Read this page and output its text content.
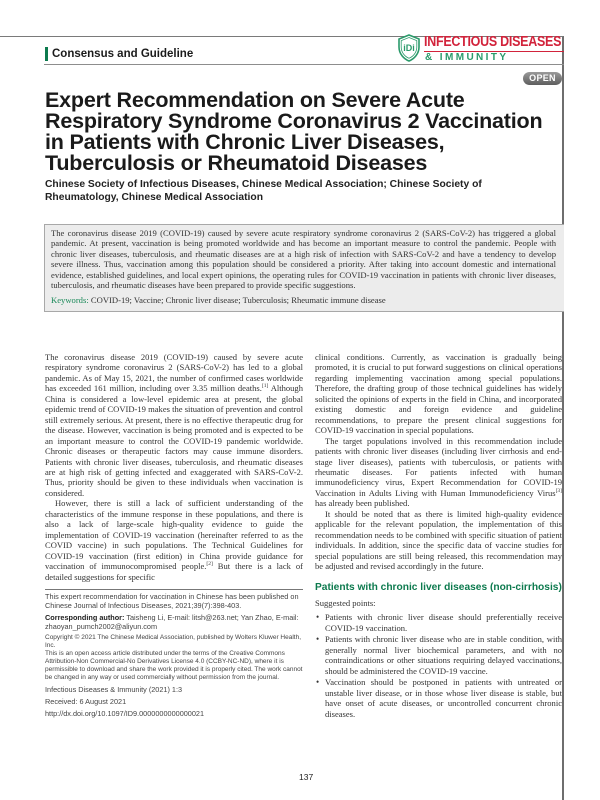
Consensus and Guideline	iDi INFECTIOUS DISEASES
& IMMUNITY
OPEN
Expert Recommendation on Severe Acute Respiratory Syndrome Coronavirus 2 Vaccination in Patients with Chronic Liver Diseases, Tuberculosis or Rheumatoid Diseases
Chinese Society of Infectious Diseases, Chinese Medical Association; Chinese Society of Rheumatology, Chinese Medical Association

The coronavirus disease 2019 (COVID-19) caused by severe acute respiratory syndrome coronavirus 2 (SARS-CoV-2) has triggered a global pandemic. At present, vaccination is being promoted worldwide and has become an important measure to control the pandemic. People with chronic liver diseases, tuberculosis, and rheumatic diseases are at a high risk of infection with SARS-CoV-2 and have a tendency to develop severe illness. Thus, vaccination among this population should be considered a priority. After taking into account domestic and international evidence, established guidelines, and local expert opinions, the operating rules for COVID-19 vaccination in patients with chronic liver diseases, tuberculosis, and rheumatic diseases have been prepared to provide specific suggestions.

Keywords: COVID-19; Vaccine; Chronic liver disease; Tuberculosis; Rheumatic immune disease

The coronavirus disease 2019 (COVID-19) caused by severe acute respiratory syndrome coronavirus 2 (SARS-CoV-2) has led to a global pandemic. As of May 15, 2021, the number of confirmed cases worldwide has exceeded 161 million, including over 3.35 million deaths.[1] Although China is considered a low-level epidemic area at present, the global epidemic trend of COVID-19 makes the situation of prevention and control still extremely serious. At present, there is no effective therapeutic drug for the disease. However, vaccination is being promoted and is expected to be an important measure to control the COVID-19 pandemic worldwide. Chronic diseases or therapeutic factors may cause immune disorders. Patients with chronic liver diseases, tuberculosis, and rheumatic diseases are at high risk of getting infected and exaggerated with SARS-CoV-2. Thus, priority should be given to these individuals when vaccination is considered.

However, there is still a lack of sufficient understanding of the characteristics of the immune response in these populations, and there is also a lack of large-scale high-quality evidence to guide the implementation of COVID-19 vaccination (hereinafter referred to as the COVID vaccine) in such populations. The Technical Guidelines for COVID-19 vaccination (first edition) in China provide guidance for vaccination of immunocompromised people.[2] But there is a lack of detailed suggestions for specific

This expert recommendation for vaccination in Chinese has been published on Chinese Journal of Infectious Diseases, 2021;39(7):398-403.
Corresponding author: Taisheng Li, E-mail: litsh@263.net; Yan Zhao, E-mail: zhaoyan_pumch2002@aliyun.com
Copyright © 2021 The Chinese Medical Association, published by Wolters Kluwer Health, Inc.
This is an open access article distributed under the terms of the Creative Commons Attribution-Non Commercial-No Derivatives License 4.0 (CCBY-NC-ND), where it is permissible to download and share the work provided it is properly cited. The work cannot be changed in any way or used commercially without permission from the journal.
Infectious Diseases & Immunity (2021) 1:3
Received: 6 August 2021
http://dx.doi.org/10.1097/ID9.0000000000000021

clinical conditions. Currently, as vaccination is gradually being promoted, it is crucial to put forward suggestions on clinical operations regarding implementing vaccination among special populations. Therefore, the drafting group of those technical guidelines has widely solicited the opinions of experts in the field in China, and incorporated existing domestic and foreign evidence and guideline recommendations, to prepare the present clinical suggestions for COVID-19 vaccination in special populations.

The target populations involved in this recommendation include patients with chronic liver diseases (including liver cirrhosis and end-stage liver diseases), patients with tuberculosis, or patients with rheumatic diseases. For patients infected with human immunodeficiency virus, Expert Recommendation for COVID-19 Vaccination in Adults Living with Human Immunodeficiency Virus[3] has already been published.

It should be noted that as there is limited high-quality evidence applicable for the relevant population, the implementation of this recommendation needs to be combined with specific situation of patient individuals. In addition, since the specific data of vaccine studies for special populations are still being released, this recommendation may be adjusted and revised accordingly in the future.

Patients with chronic liver diseases (non-cirrhosis)

Suggested points:

• Patients with chronic liver disease should preferentially receive COVID-19 vaccination.
• Patients with chronic liver disease who are in stable condition, with generally normal liver biochemical parameters, and with no contraindications or other situations requiring delayed vaccinations, should be administered the COVID-19 vaccine.
• Vaccination should be postponed in patients with untreated or unstable liver disease, or in those whose liver disease is stable, but have onset of acute diseases, or uncontrolled concurrent chronic diseases.
137
